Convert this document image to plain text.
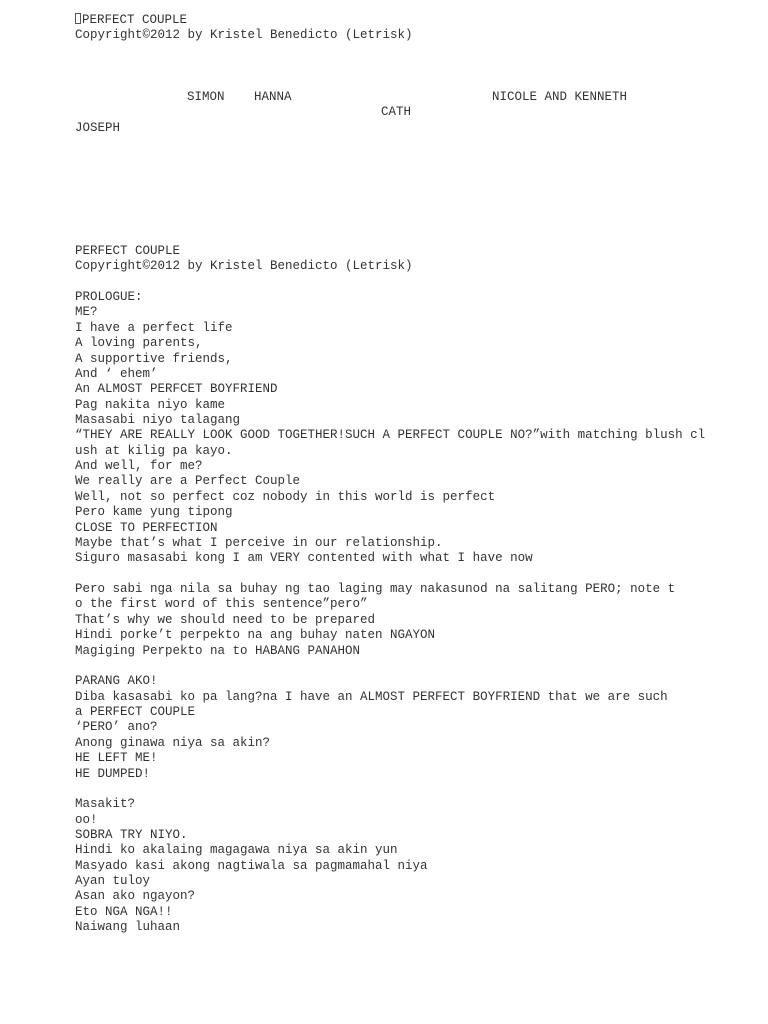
PERFECT COUPLE
Copyright©2012 by Kristel Benedicto (Letrisk)
SIMON HANNA	NICOLE AND KENNETH
CATH
JOSEPH
PERFECT COUPLE
Copyright©2012 by Kristel Benedicto (Letrisk)
PROLOGUE:
ME?
I have a perfect life
A loving parents,
A supportive friends,
And ‘ ehem’
An ALMOST PERFCET BOYFRIEND
Pag nakita niyo kame
Masasabi niyo talagang
“THEY ARE REALLY LOOK GOOD TOGETHER!SUCH A PERFECT COUPLE NO?”with matching blush cl
ush at kilig pa kayo.
And well, for me?
We really are a Perfect Couple
Well, not so perfect coz nobody in this world is perfect
Pero kame yung tipong
CLOSE TO PERFECTION
Maybe that’s what I perceive in our relationship.
Siguro masasabi kong I am VERY contented with what I have now
Pero sabi nga nila sa buhay ng tao laging may nakasunod na salitang PERO; note t
o the first word of this sentence”pero”
That’s why we should need to be prepared
Hindi porke’t perpekto na ang buhay naten NGAYON
Magiging Perpekto na to HABANG PANAHON
PARANG AKO!
Diba kasasabi ko pa lang?na I have an ALMOST PERFECT BOYFRIEND that we are such
a PERFECT COUPLE
‘PERO’ ano?
Anong ginawa niya sa akin?
HE LEFT ME!
HE DUMPED!
Masakit?
oo!
SOBRA TRY NIYO.
Hindi ko akalaing magagawa niya sa akin yun
Masyado kasi akong nagtiwala sa pagmamahal niya
Ayan tuloy
Asan ako ngayon?
Eto NGA NGA!!
Naiwang luhaan
